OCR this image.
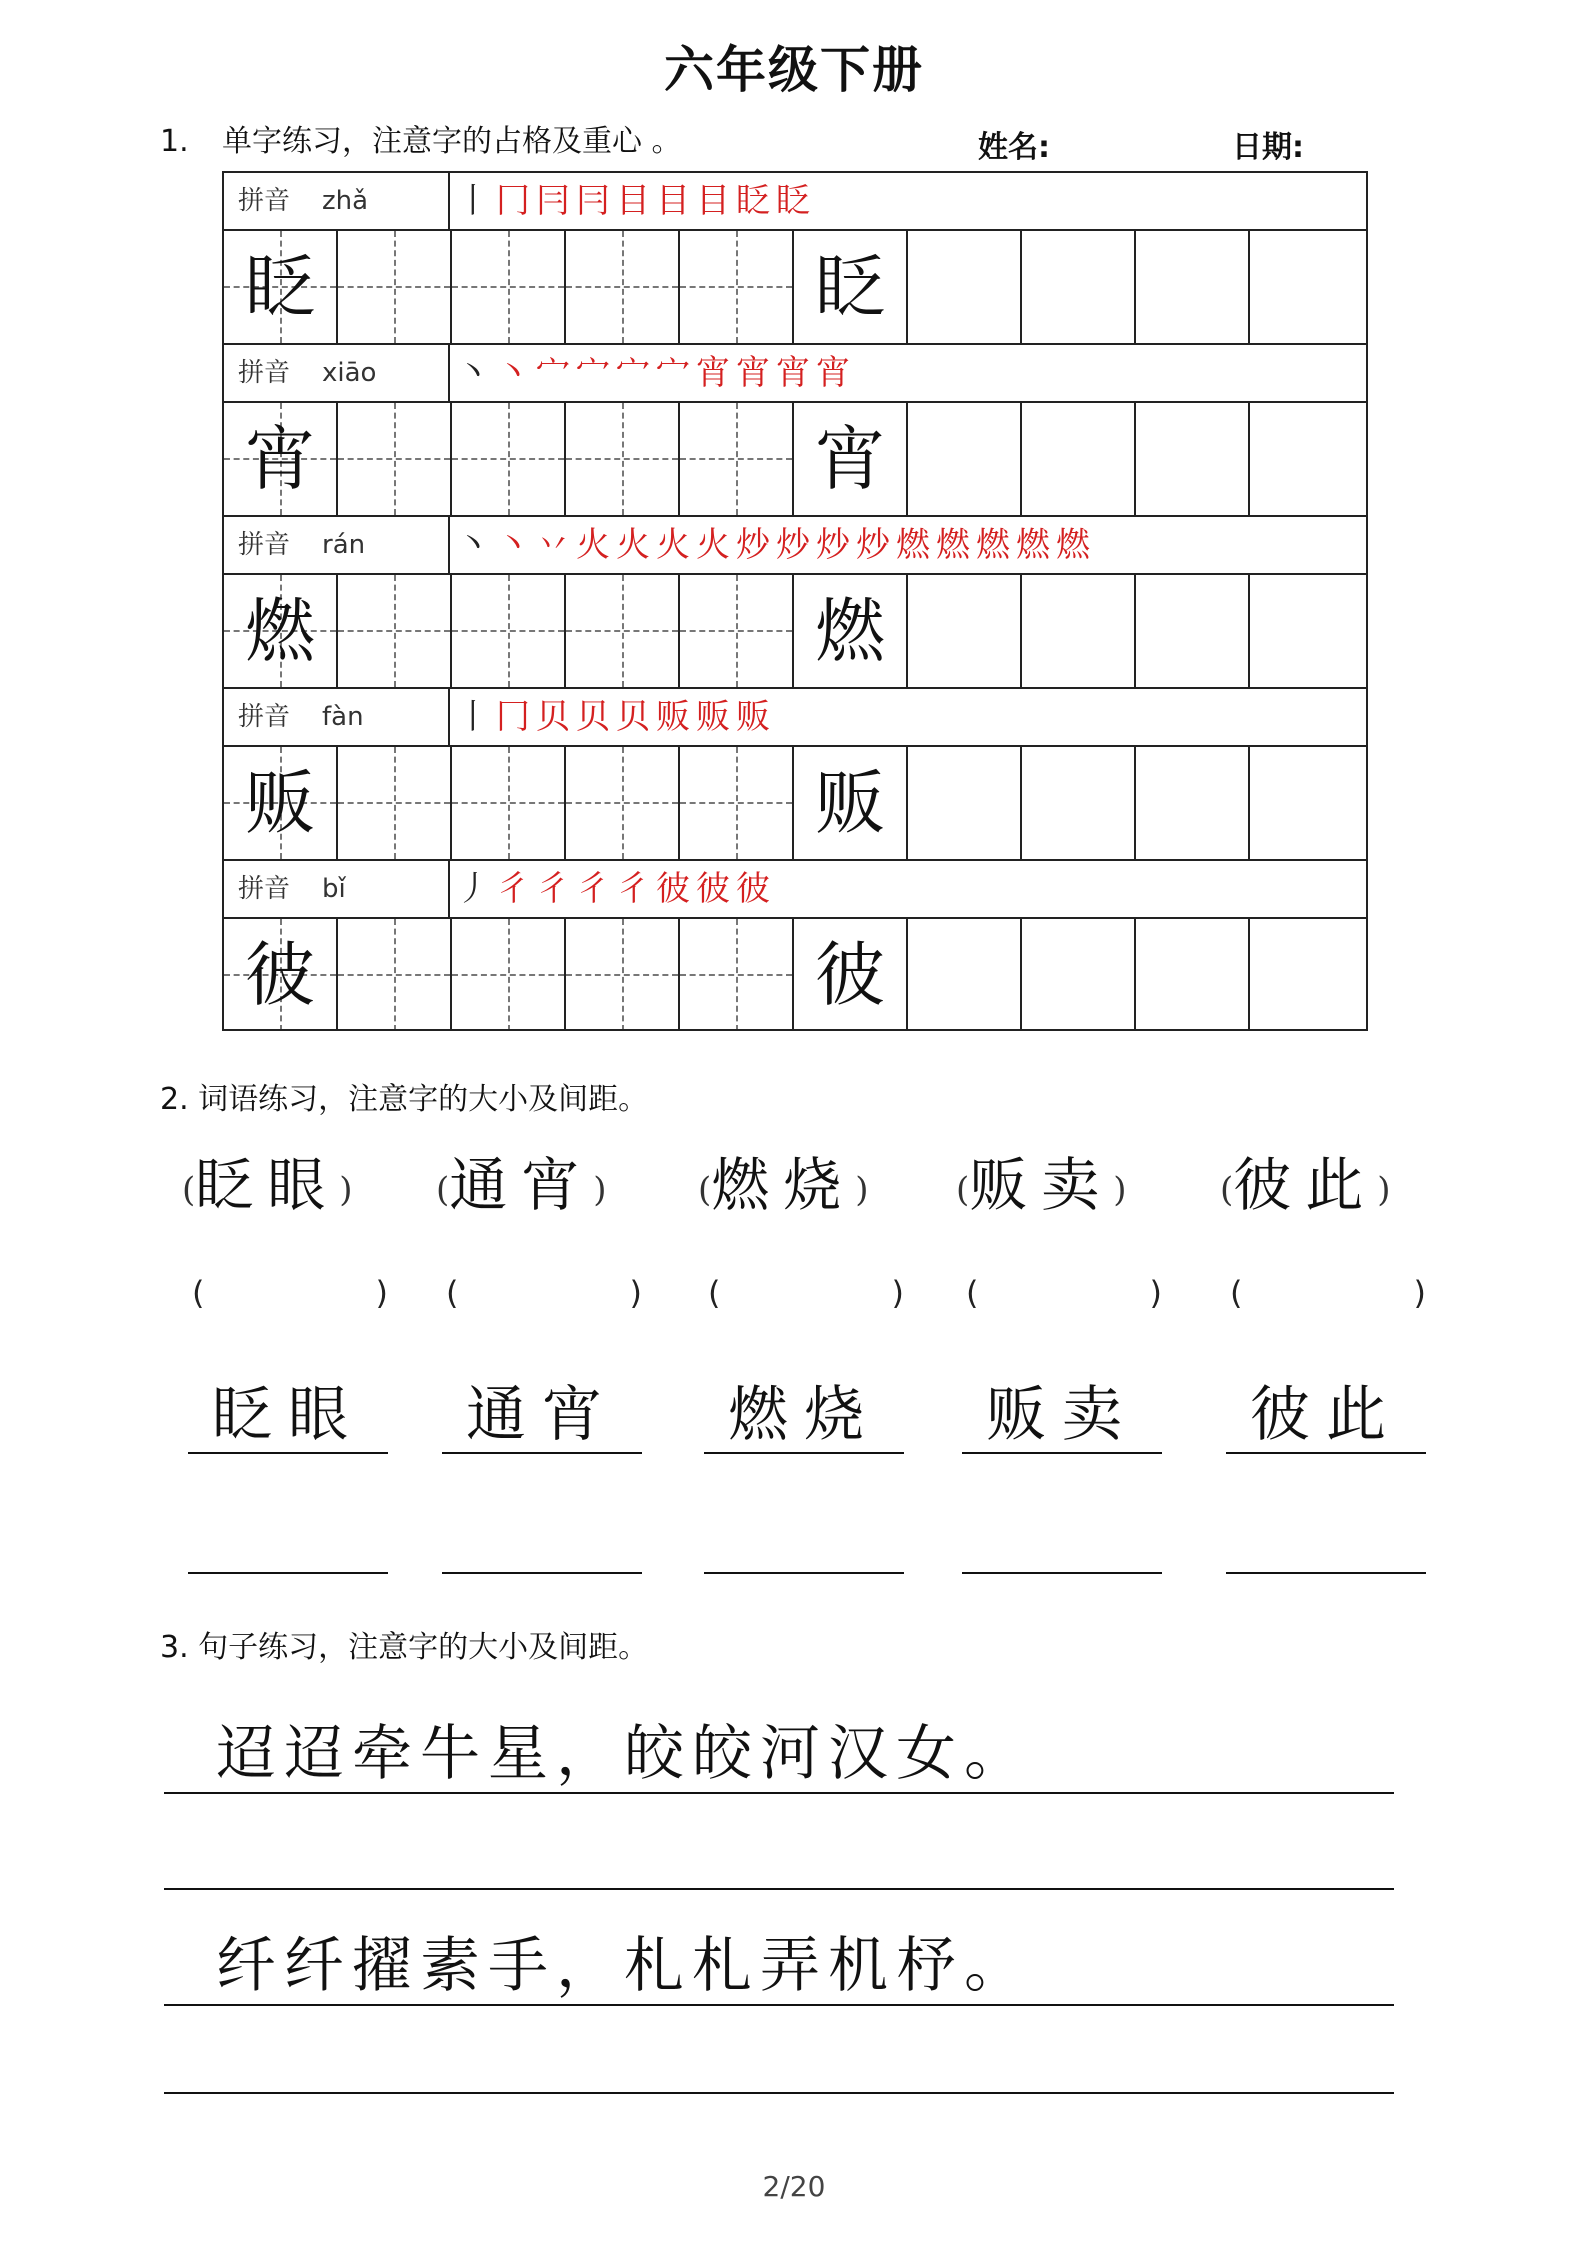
六年级下册
1. 单字练习，注意字的占格及重心 。	姓名:	日期:
拼音 zhǎ	丨冂冃冃目目目眨眨
眨	眨
拼音 xiāo	丶丶宀宀宀宀宵宵宵宵
宵	宵
拼音 rán	丶丶丷火火火火炒炒炒炒燃燃燃燃燃
燃	燃
拼音 fàn	丨冂贝贝贝贩贩贩
贩	贩
拼音 bǐ	丿彳彳彳彳彼彼彼
彼	彼
2. 词语练习，注意字的大小及间距。
(眨眼)
(	)
眨眼
(通宵)
(	)
通宵
(燃烧)
(	)
燃烧
(贩卖)
(	)
贩卖
(彼此)
(	)
彼此
3. 句子练习，注意字的大小及间距。
迢迢牵牛星，皎皎河汉女。
纤纤擢素手，札札弄机杼。
2/20
